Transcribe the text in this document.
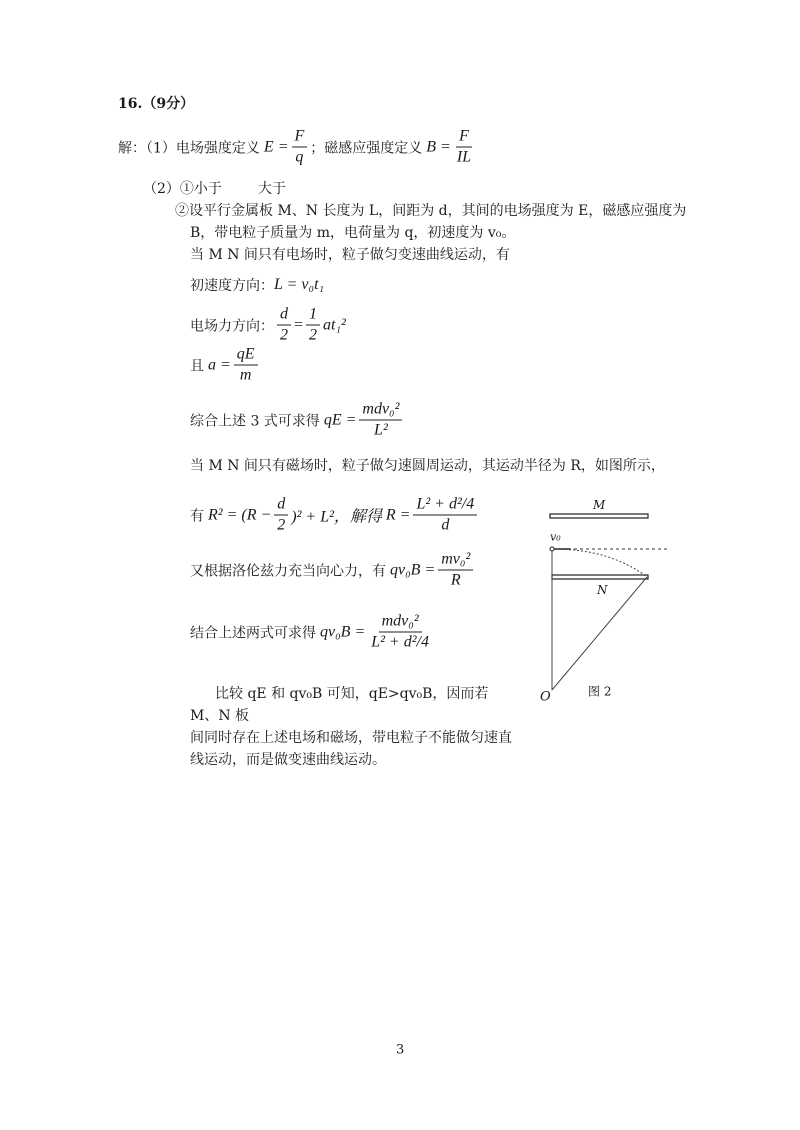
16.（9分）
解：（1）电场强度定义 $E = \frac{F}{q}$ ；磁感应强度定义 $B = \frac{F}{IL}$
（2）①小于	大于
②设平行金属板 M、N 长度为 L，间距为 d，其间的电场强度为 E，磁感应强度为
B，带电粒子质量为 m，电荷量为 q，初速度为 v₀。
当 M N 间只有电场时，粒子做匀变速曲线运动，有
初速度方向： L = v₀t₁
电场力方向： $\frac{d}{2} = \frac{1}{2} at_1^2$
且 $a = \frac{qE}{m}$
综合上述 3 式可求得 qE =
mdv₀²
L²
当 M N 间只有磁场时，粒子做匀速圆周运动，其运动半径为 R，如图所示，
有 $R^2 = (R - \frac{d}{2} )^2 + L^2$，解得 $R = \frac{\text{L² + d²/4}}{d}$
又根据洛伦兹力充当向心力，有 $qv_0B = \frac{\text{mv₀²}}{R}$
结合上述两式可求得 qv₀B =
mdv₀²
L² + d²/4
比较 qE 和 qv₀B 可知，qE>qv₀B，因而若 M、N 板
间同时存在上述电场和磁场，带电粒子不能做匀速直
线运动，而是做变速曲线运动。
M
v₀
N
O	图 2
3
